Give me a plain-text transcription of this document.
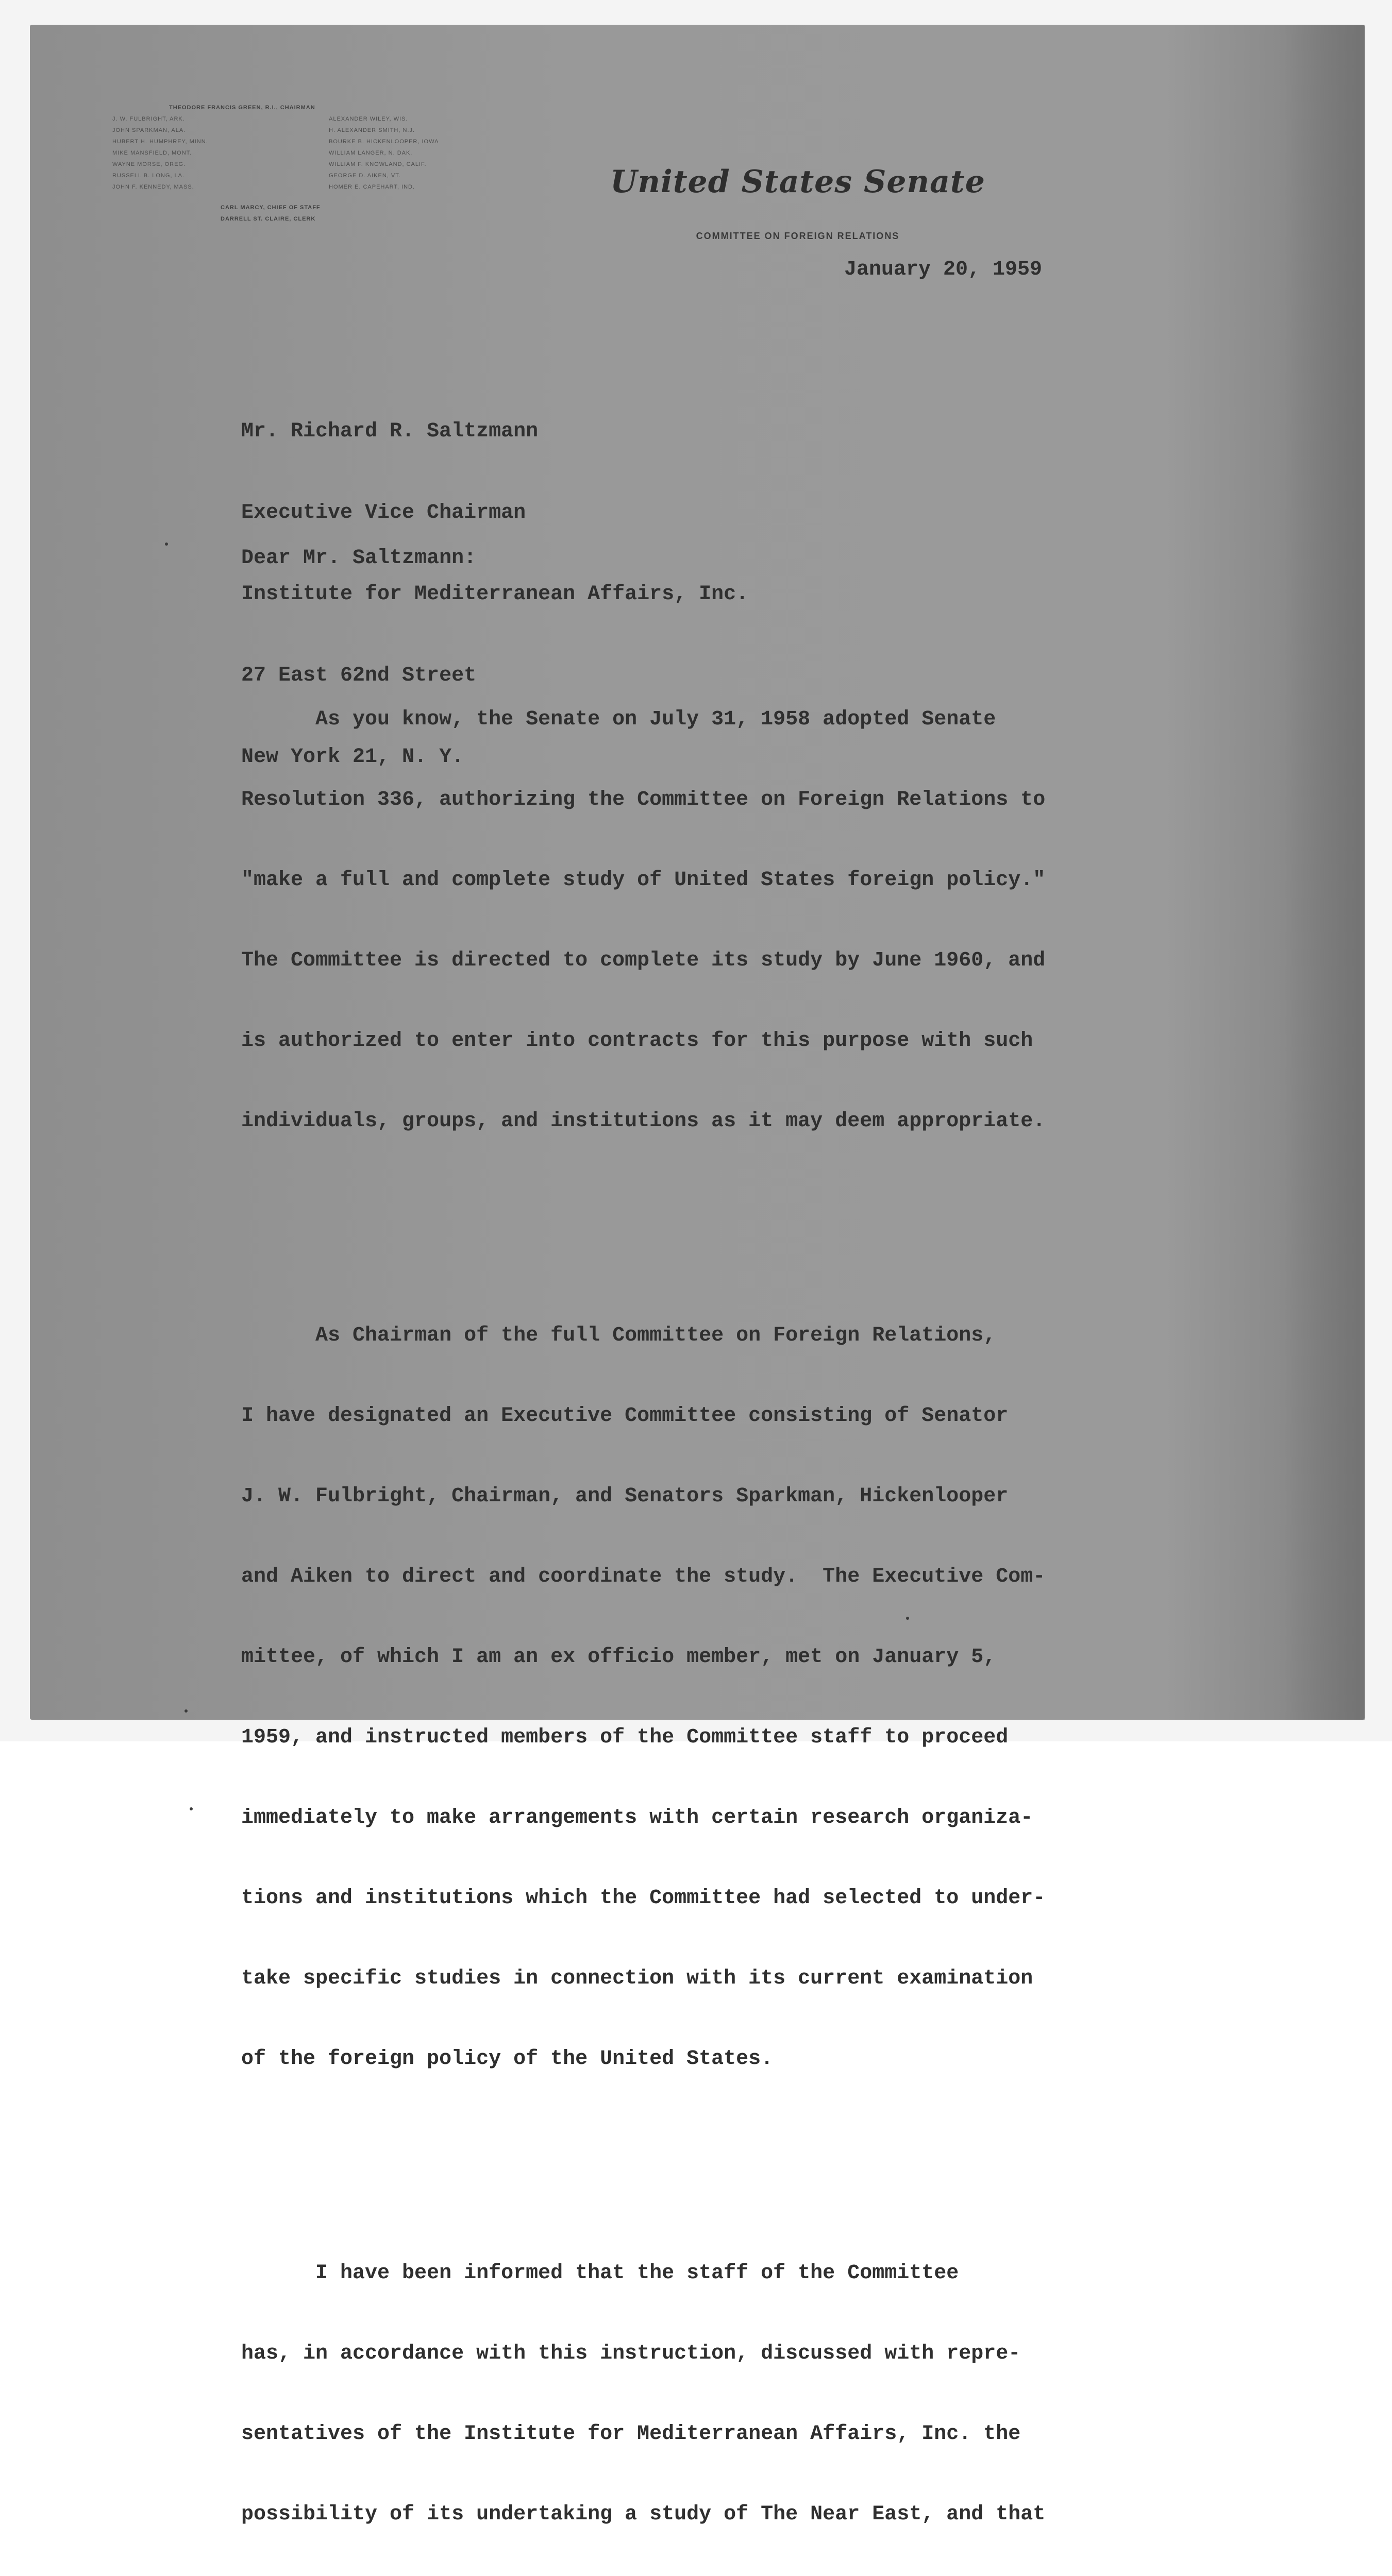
THEODORE FRANCIS GREEN, R.I., CHAIRMAN
J. W. FULBRIGHT, ARK.
JOHN SPARKMAN, ALA.
HUBERT H. HUMPHREY, MINN.
MIKE MANSFIELD, MONT.
WAYNE MORSE, OREG.
RUSSELL B. LONG, LA.
JOHN F. KENNEDY, MASS.
ALEXANDER WILEY, WIS.
H. ALEXANDER SMITH, N.J.
BOURKE B. HICKENLOOPER, IOWA
WILLIAM LANGER, N. DAK.
WILLIAM F. KNOWLAND, CALIF.
GEORGE D. AIKEN, VT.
HOMER E. CAPEHART, IND.
CARL MARCY, CHIEF OF STAFF
DARRELL ST. CLAIRE, CLERK
United States Senate
COMMITTEE ON FOREIGN RELATIONS
January 20, 1959

Mr. Richard R. Saltzmann

Executive Vice Chairman

Institute for Mediterranean Affairs, Inc.

27 East 62nd Street

New York 21, N. Y.

Dear Mr. Saltzmann:

As you know, the Senate on July 31, 1958 adopted Senate

Resolution 336, authorizing the Committee on Foreign Relations to

"make a full and complete study of United States foreign policy."

The Committee is directed to complete its study by June 1960, and

is authorized to enter into contracts for this purpose with such

individuals, groups, and institutions as it may deem appropriate.

As Chairman of the full Committee on Foreign Relations,

I have designated an Executive Committee consisting of Senator

J. W. Fulbright, Chairman, and Senators Sparkman, Hickenlooper

and Aiken to direct and coordinate the study.  The Executive Com-

mittee, of which I am an ex officio member, met on January 5,

1959, and instructed members of the Committee staff to proceed

immediately to make arrangements with certain research organiza-

tions and institutions which the Committee had selected to under-

take specific studies in connection with its current examination

of the foreign policy of the United States.

I have been informed that the staff of the Committee

has, in accordance with this instruction, discussed with repre-

sentatives of the Institute for Mediterranean Affairs, Inc. the

possibility of its undertaking a study of The Near East, and that
